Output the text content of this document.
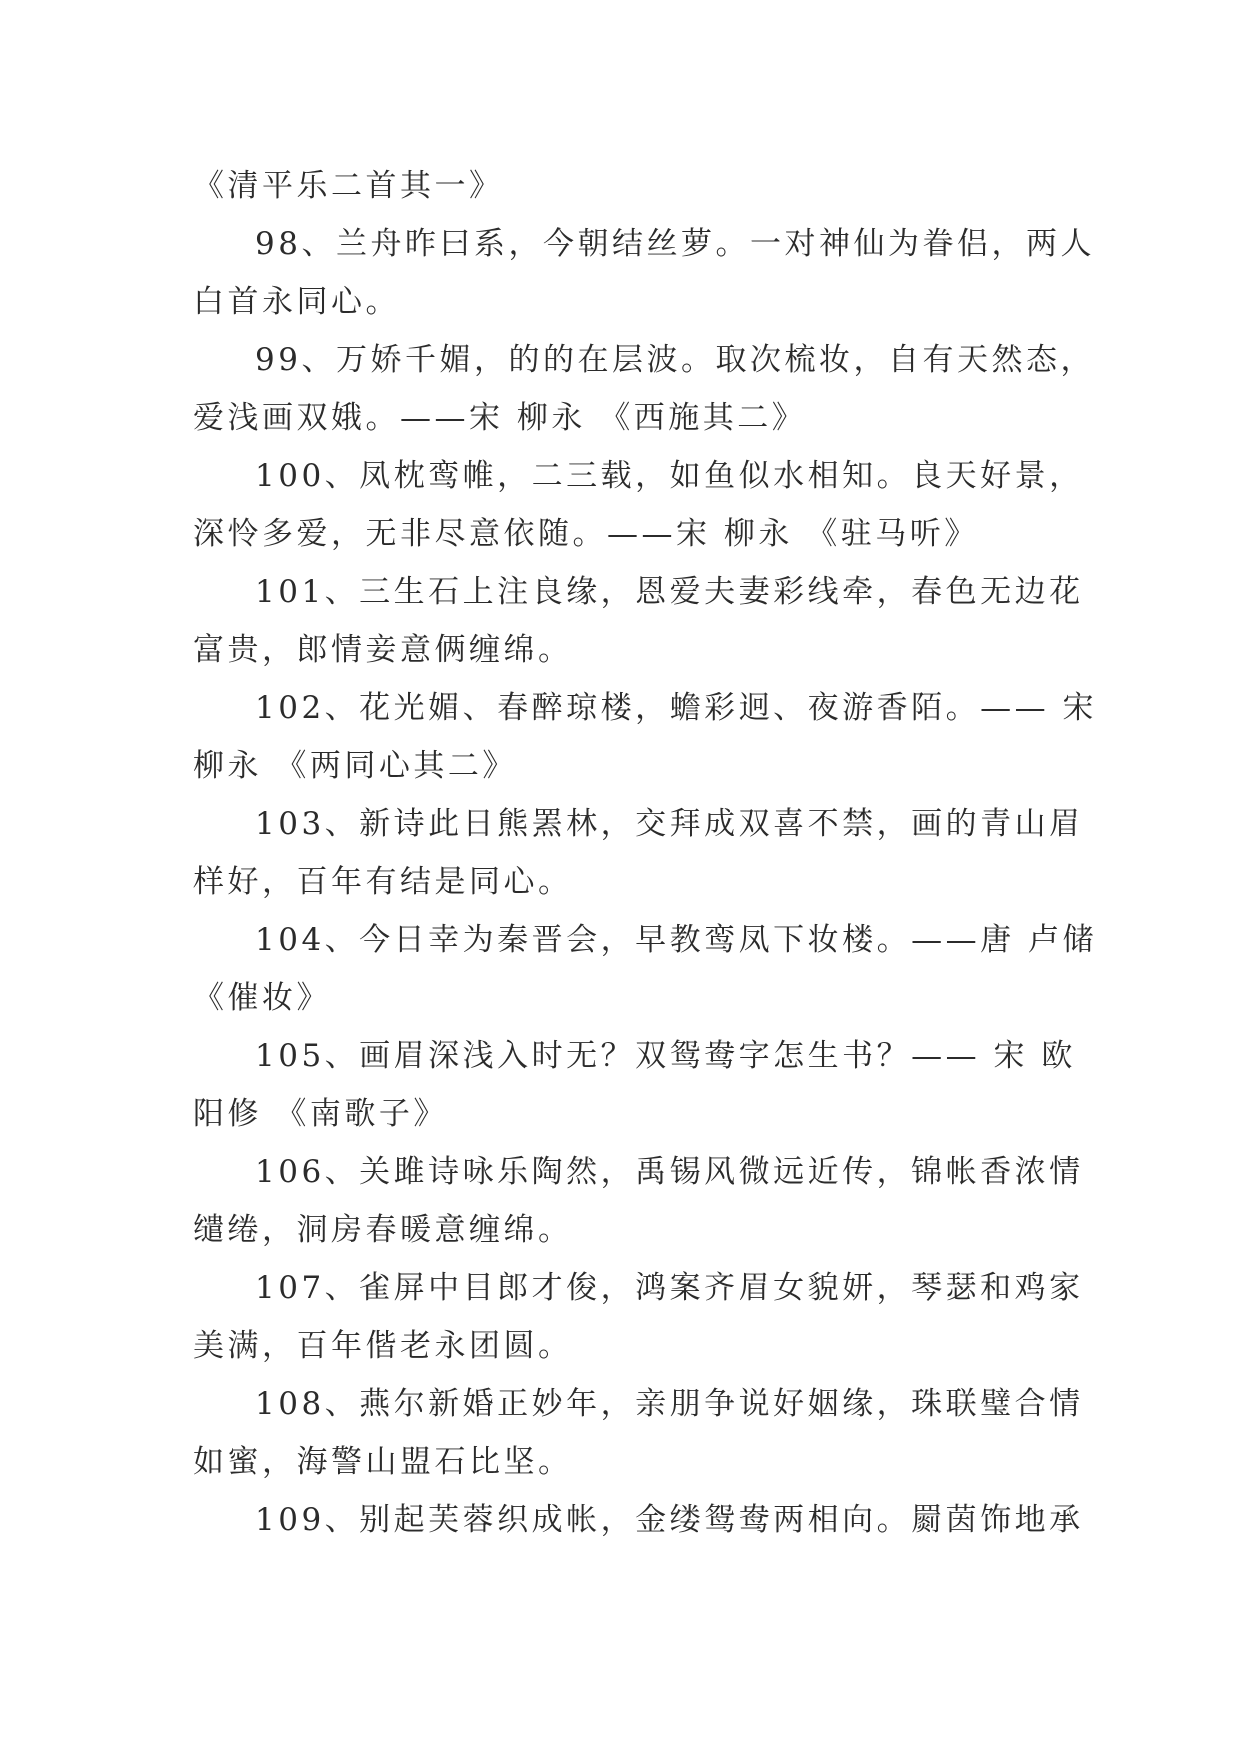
《清平乐二首其一》
98、兰舟昨曰系，今朝结丝萝。一对神仙为眷侣，两人
白首永同心。
99、万娇千媚，的的在层波。取次梳妆，自有天然态，
爱浅画双娥。——宋 柳永 《西施其二》
100、凤枕鸾帷，二三载，如鱼似水相知。良天好景，
深怜多爱，无非尽意依随。——宋 柳永 《驻马听》
101、三生石上注良缘，恩爱夫妻彩线牵，春色无边花
富贵，郎情妾意俩缠绵。
102、花光媚、春醉琼楼，蟾彩迥、夜游香陌。—— 宋
柳永 《两同心其二》
103、新诗此日熊罴林，交拜成双喜不禁，画的青山眉
样好，百年有结是同心。
104、今日幸为秦晋会，早教鸾凤下妆楼。——唐 卢储
《催妆》
105、画眉深浅入时无？双鸳鸯字怎生书？—— 宋 欧
阳修 《南歌子》
106、关雎诗咏乐陶然，禹锡风微远近传，锦帐香浓情
缱绻，洞房春暖意缠绵。
107、雀屏中目郎才俊，鸿案齐眉女貌妍，琴瑟和鸡家
美满，百年偕老永团圆。
108、燕尔新婚正妙年，亲朋争说好姻缘，珠联璧合情
如蜜，海警山盟石比坚。
109、别起芙蓉织成帐，金缕鸳鸯两相向。罽茵饰地承
